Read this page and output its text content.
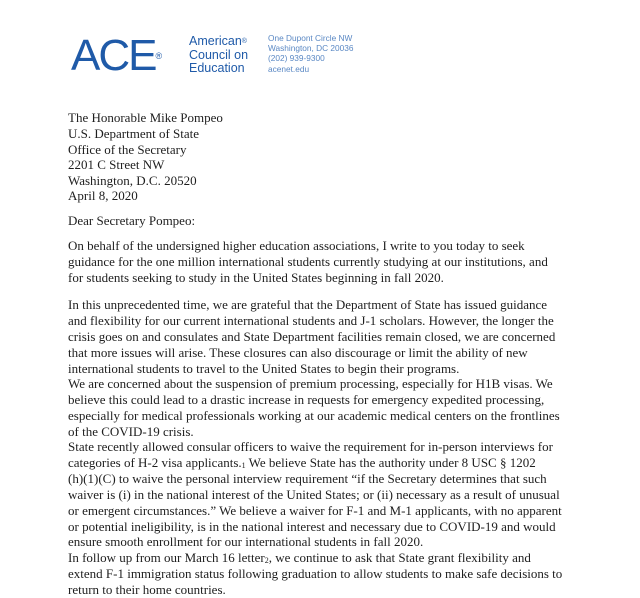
ACE®
American®
Council on
Education
One Dupont Circle NW
Washington, DC 20036
(202) 939-9300
acenet.edu
The Honorable Mike Pompeo
U.S. Department of State
Office of the Secretary
2201 C Street NW
Washington, D.C. 20520
April 8, 2020
Dear Secretary Pompeo:
On behalf of the undersigned higher education associations, I write to you today to seek
guidance for the one million international students currently studying at our institutions, and
for students seeking to study in the United States beginning in fall 2020.
In this unprecedented time, we are grateful that the Department of State has issued guidance
and flexibility for our current international students and J-1 scholars. However, the longer the
crisis goes on and consulates and State Department facilities remain closed, we are concerned
that more issues will arise. These closures can also discourage or limit the ability of new
international students to travel to the United States to begin their programs.
We are concerned about the suspension of premium processing, especially for H1B visas. We
believe this could lead to a drastic increase in requests for emergency expedited processing,
especially for medical professionals working at our academic medical centers on the frontlines
of the COVID-19 crisis.
State recently allowed consular officers to waive the requirement for in-person interviews for
categories of H-2 visa $applicants._1$ We believe State has the authority under 8 USC § 1202
(h)(1)(C) to waive the personal interview requirement “if the Secretary determines that such
waiver is (i) in the national interest of the United States; or (ii) necessary as a result of unusual
or emergent circumstances.” We believe a waiver for F-1 and M-1 applicants, with no apparent
or potential ineligibility, is in the national interest and necessary due to COVID-19 and would
ensure smooth enrollment for our international students in fall 2020.
In follow up from our March 16 letter$_2$, we continue to ask that State grant flexibility and
extend F-1 immigration status following graduation to allow students to make safe decisions to
return to their home countries.
